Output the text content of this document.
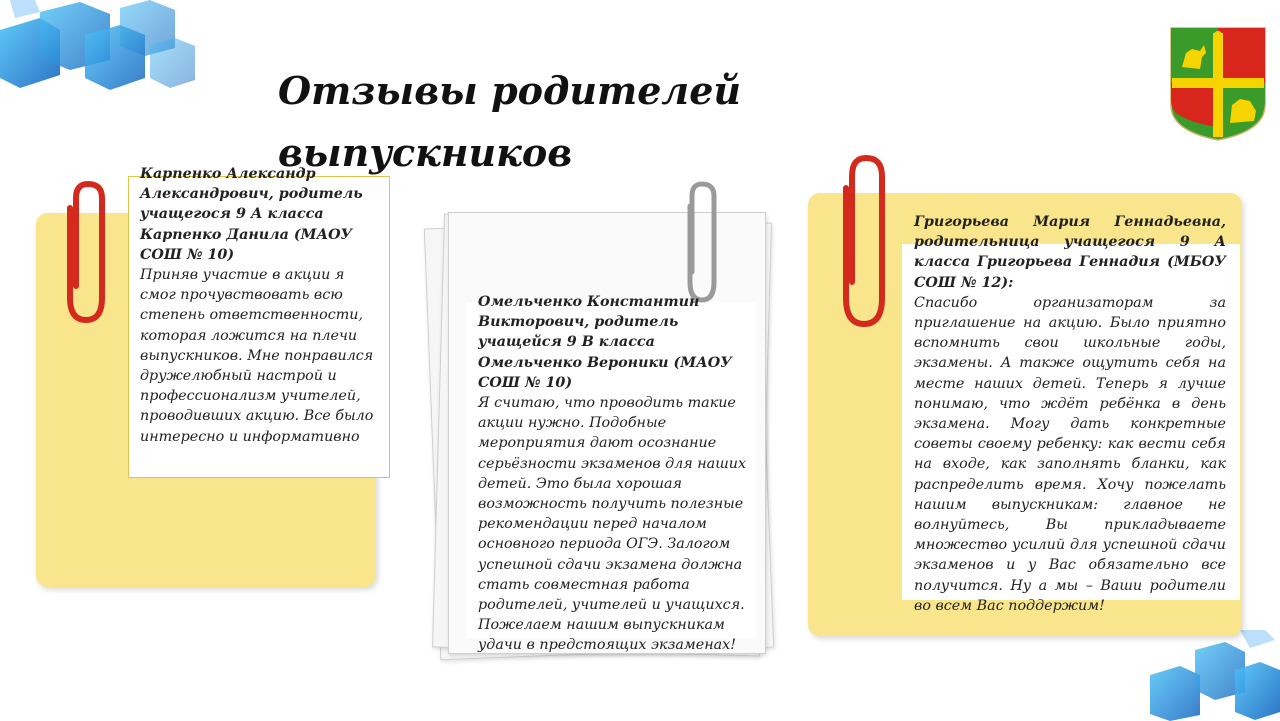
Отзывы родителей выпускников
Карпенко Александр Александрович, родитель учащегося 9 А класса Карпенко Данила (МАОУ СОШ № 10)
Приняв участие в акции я смог прочувствовать всю степень ответственности, которая ложится на плечи выпускников. Мне понравился дружелюбный настрой и профессионализм учителей, проводивших акцию. Все было интересно и информативно
Омельченко Константин Викторович, родитель учащейся 9 В класса Омельченко Вероники (МАОУ СОШ № 10)
Я считаю, что проводить такие акции нужно. Подобные мероприятия дают осознание серьёзности экзаменов для наших детей. Это была хорошая возможность получить полезные рекомендации перед началом основного периода ОГЭ. Залогом успешной сдачи экзамена должна стать совместная работа родителей, учителей и учащихся. Пожелаем нашим выпускникам удачи в предстоящих экзаменах!
Григорьева Мария Геннадьевна, родительница учащегося 9 А класса Григорьева Геннадия (МБОУ СОШ № 12):
Спасибо организаторам за приглашение на акцию. Было приятно вспомнить свои школьные годы, экзамены. А также ощутить себя на месте наших детей. Теперь я лучше понимаю, что ждёт ребёнка в день экзамена. Могу дать конкретные советы своему ребенку: как вести себя на входе, как заполнять бланки, как распределить время. Хочу пожелать нашим выпускникам: главное не волнуйтесь, Вы прикладываете множество усилий для успешной сдачи экзаменов и у Вас обязательно все получится. Ну а мы – Ваши родители во всем Вас поддержим!
